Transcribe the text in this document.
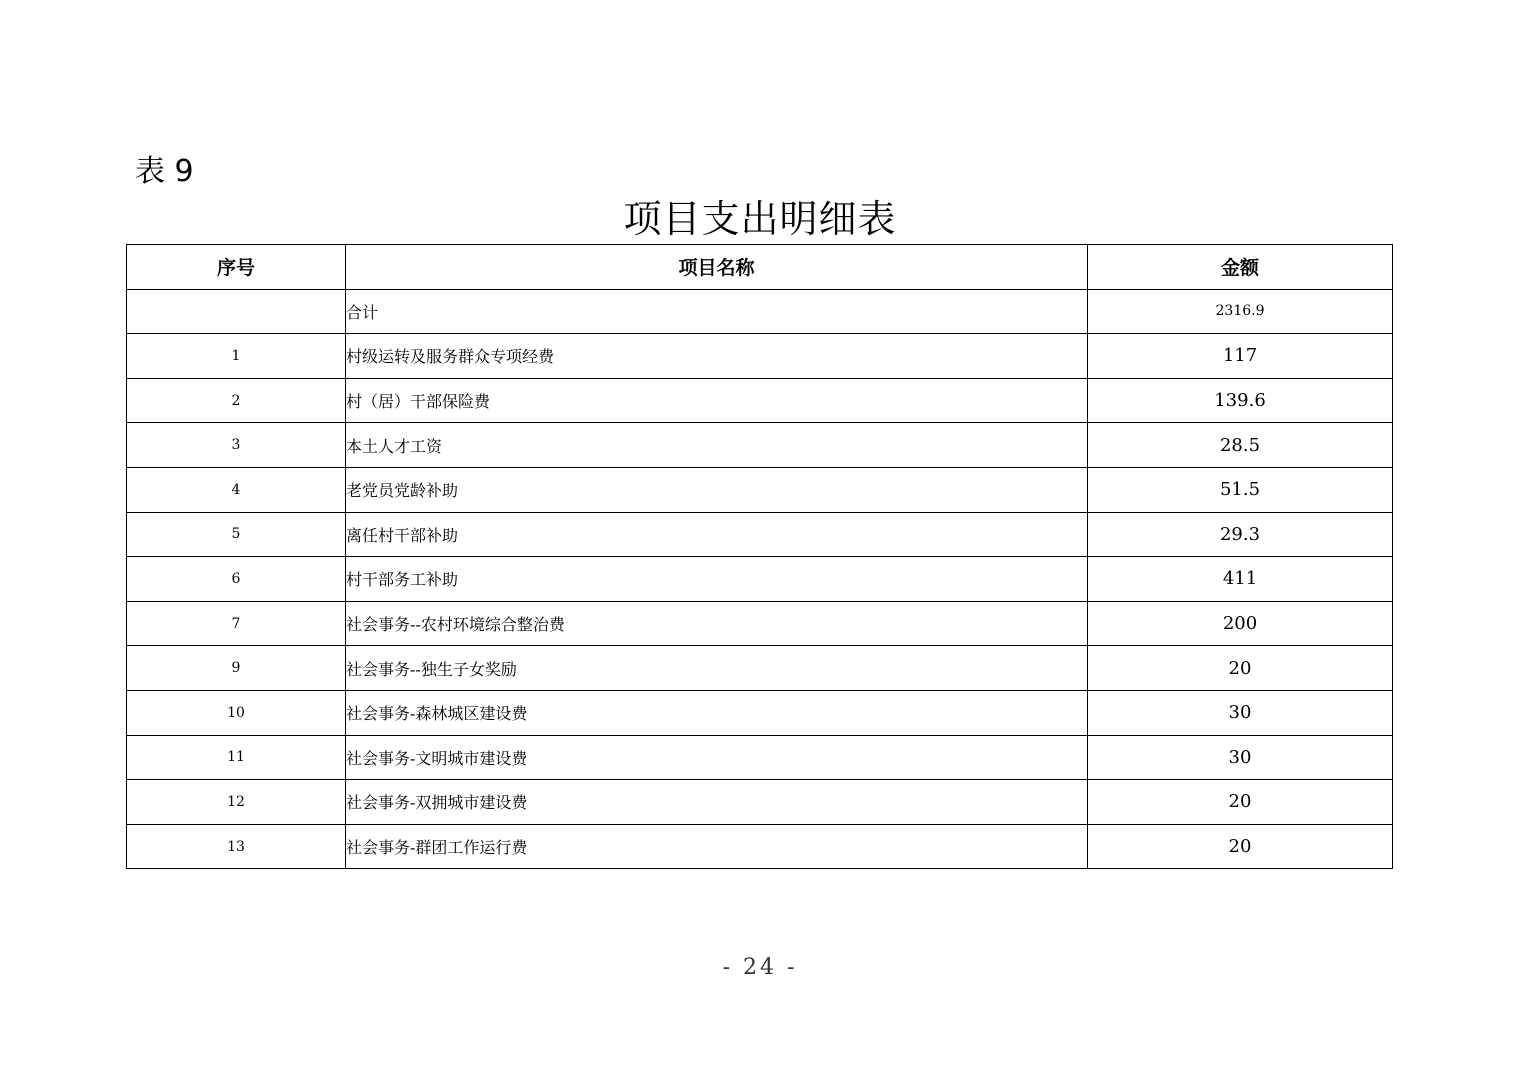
表 9
项目支出明细表
序号	项目名称	金额
	合计	2316.9
1	村级运转及服务群众专项经费	117
2	村（居）干部保险费	139.6
3	本土人才工资	28.5
4	老党员党龄补助	51.5
5	离任村干部补助	29.3
6	村干部务工补助	411
7	社会事务--农村环境综合整治费	200
9	社会事务--独生子女奖励	20
10	社会事务-森林城区建设费	30
11	社会事务-文明城市建设费	30
12	社会事务-双拥城市建设费	20
13	社会事务-群团工作运行费	20
- 24 -
